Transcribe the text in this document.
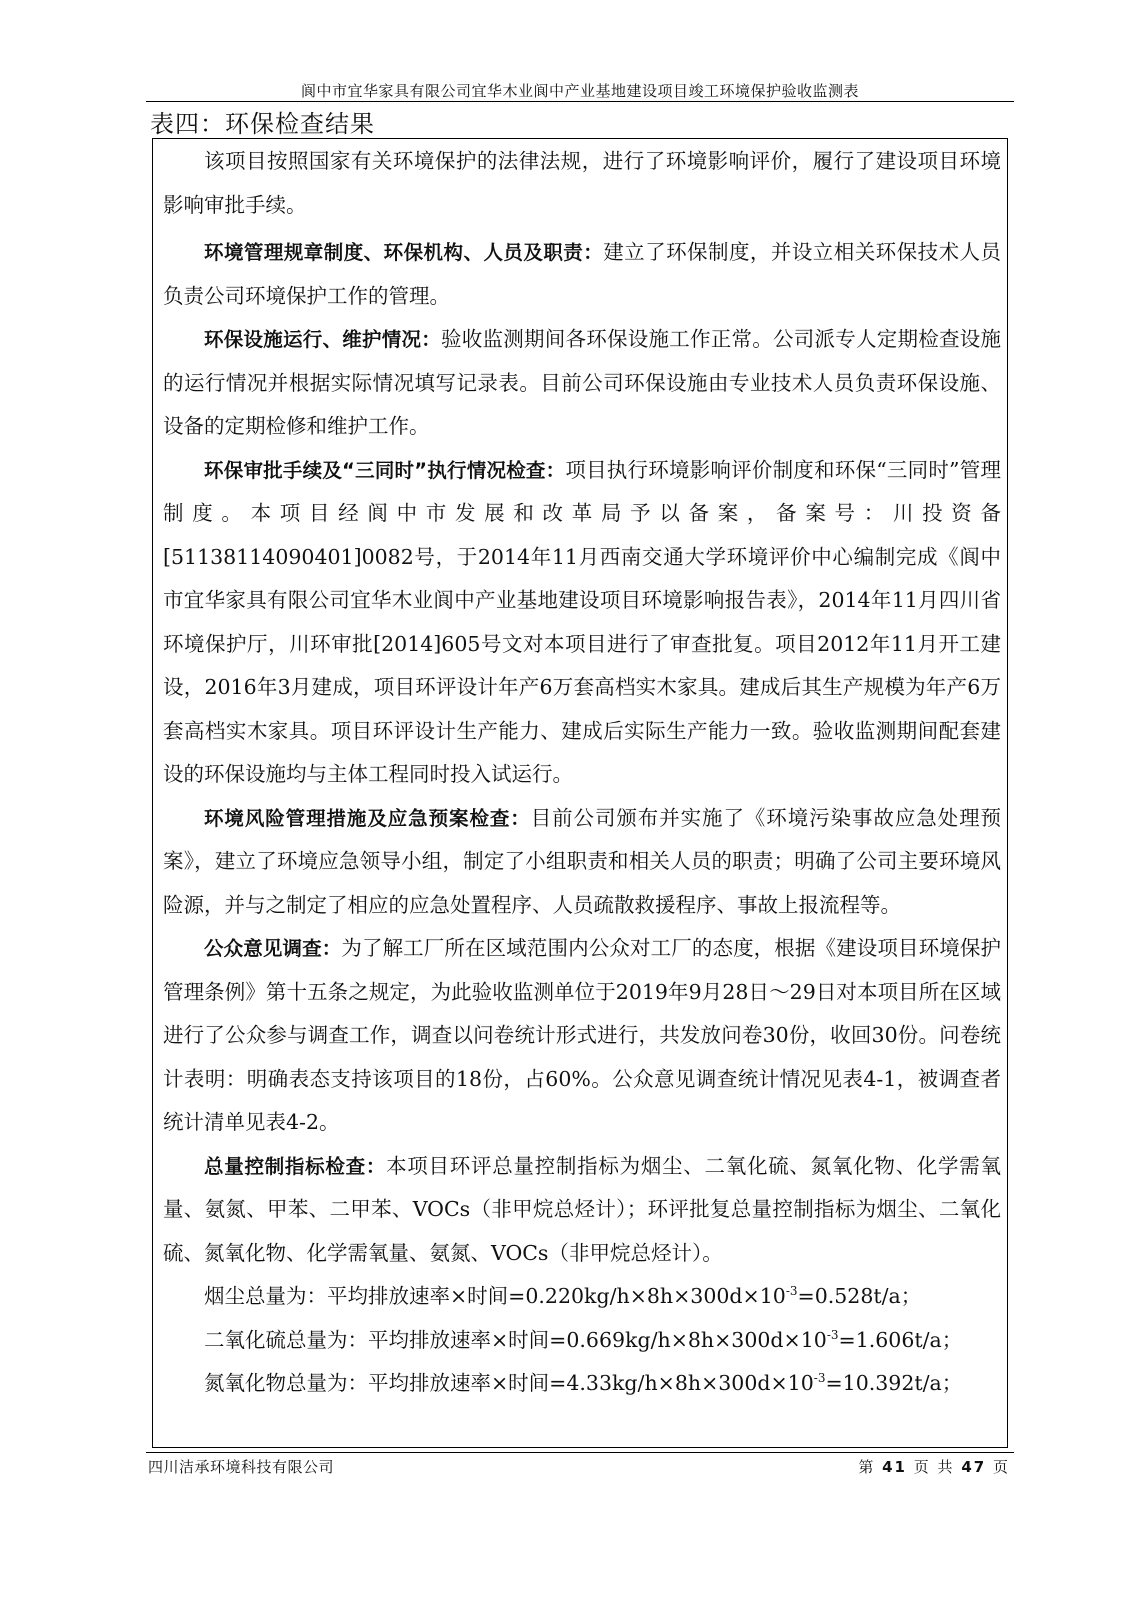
阆中市宜华家具有限公司宜华木业阆中产业基地建设项目竣工环境保护验收监测表
表四：环保检查结果

该项目按照国家有关环境保护的法律法规，进行了环境影响评价，履行了建设项目环境影响审批手续。

环境管理规章制度、环保机构、人员及职责：建立了环保制度，并设立相关环保技术人员负责公司环境保护工作的管理。

环保设施运行、维护情况：验收监测期间各环保设施工作正常。公司派专人定期检查设施的运行情况并根据实际情况填写记录表。目前公司环保设施由专业技术人员负责环保设施、设备的定期检修和维护工作。

环保审批手续及“三同时”执行情况检查：项目执行环境影响评价制度和环保“三同时”管理制度。本项目经阆中市发展和改革局予以备案，备案号：川投资备[51138114090401]0082号，于2014年11月西南交通大学环境评价中心编制完成《阆中市宜华家具有限公司宜华木业阆中产业基地建设项目环境影响报告表》，2014年11月四川省环境保护厅，川环审批[2014]605号文对本项目进行了审查批复。项目2012年11月开工建设，2016年3月建成，项目环评设计年产6万套高档实木家具。建成后其生产规模为年产6万套高档实木家具。项目环评设计生产能力、建成后实际生产能力一致。验收监测期间配套建设的环保设施均与主体工程同时投入试运行。

环境风险管理措施及应急预案检查：目前公司颁布并实施了《环境污染事故应急处理预案》，建立了环境应急领导小组，制定了小组职责和相关人员的职责；明确了公司主要环境风险源，并与之制定了相应的应急处置程序、人员疏散救援程序、事故上报流程等。

公众意见调查：为了解工厂所在区域范围内公众对工厂的态度，根据《建设项目环境保护管理条例》第十五条之规定，为此验收监测单位于2019年9月28日～29日对本项目所在区域进行了公众参与调查工作，调查以问卷统计形式进行，共发放问卷30份，收回30份。问卷统计表明：明确表态支持该项目的18份，占60%。公众意见调查统计情况见表4-1，被调查者统计清单见表4-2。

总量控制指标检查：本项目环评总量控制指标为烟尘、二氧化硫、氮氧化物、化学需氧量、氨氮、甲苯、二甲苯、VOCs（非甲烷总烃计）；环评批复总量控制指标为烟尘、二氧化硫、氮氧化物、化学需氧量、氨氮、VOCs（非甲烷总烃计）。

烟尘总量为：平均排放速率×时间$=0.220kg/h\times 8h\times 300d\times 10^{-3}=0.528t/a$；

二氧化硫总量为：平均排放速率×时间$=0.669kg/h\times 8h\times 300d\times 10^{-3}=1.606t/a$；

氮氧化物总量为：平均排放速率×时间$=4.33kg/h\times 8h\times 300d\times 10^{-3}=10.392t/a$；

四川洁承环境科技有限公司	第 41 页 共 47 页
